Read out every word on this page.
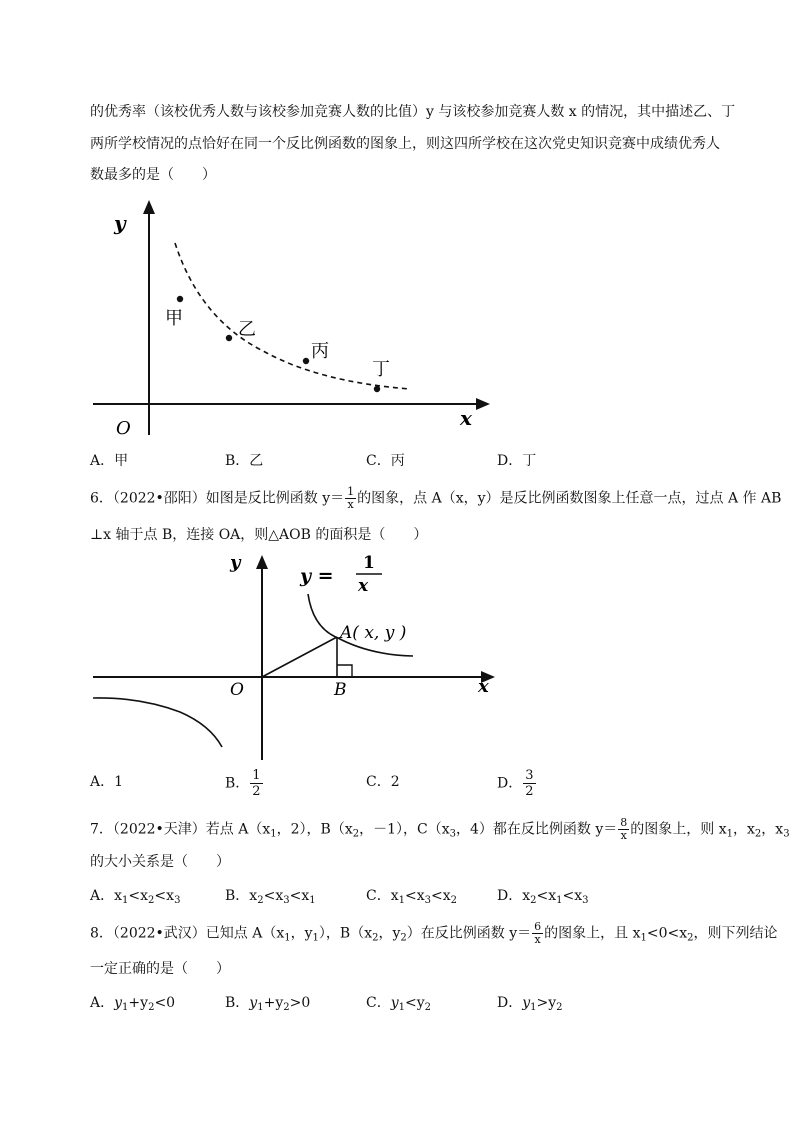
的优秀率（该校优秀人数与该校参加竞赛人数的比值）y 与该校参加竞赛人数 x 的情况，其中描述乙、丁
两所学校情况的点恰好在同一个反比例函数的图象上，则这四所学校在这次党史知识竞赛中成绩优秀人
数最多的是（　　）
y
x
O
甲
乙
丙
丁
A．甲	B．乙	C．丙	D．丁
6．（2022•邵阳）如图是反比例函数 $y= \frac{1}{x}$ 的图象，点 A（x，y）是反比例函数图象上任意一点，过点 A 作 AB
⊥x 轴于点 B，连接 OA，则△AOB 的面积是（　　）
y
x
O
y =
1
x
A( x, y )
B
A．1	B． $\frac{1}{2}$	C．2	D． $\frac{3}{2}$
7．（2022•天津）若点 $A(x_1$，2），$B(x_2$，－1），$C(x_3$，4）都在反比例函数 $y= \frac{8}{x}$ 的图象上，则 $x_1$，$x_2$，$x_3$
的大小关系是（　　）
A．$x_1<x_2<x_3$	B．$x_2<x_3<x_1$	C．$x_1<x_3<x_2$	D．$x_2<x_1<x_3$
8．（2022•武汉）已知点 $A(x_1$，$y_1$），$B(x_2$，$y_2$）在反比例函数 $y= \frac{6}{x}$ 的图象上，且 $x_1<0<x_2$，则下列结论
一定正确的是（　　）
A．$y_1+y_2<0$	B．$y_1+y_2>0$	C．$y_1<y_2$	D．$y_1>y_2$
